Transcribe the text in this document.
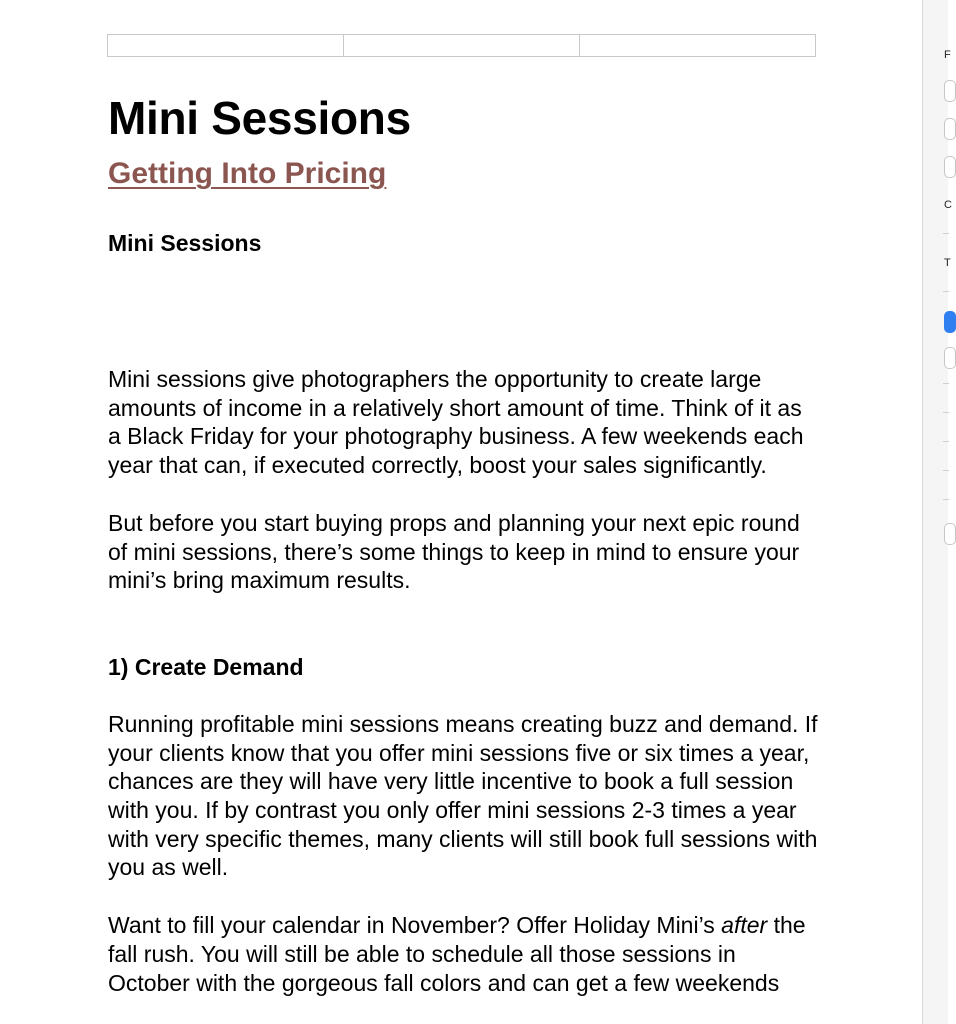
Mini Sessions
Getting Into Pricing

Mini Sessions

Mini sessions give photographers the opportunity to create large amounts of income in a relatively short amount of time. Think of it as a Black Friday for your photography business. A few weekends each year that can, if executed correctly, boost your sales significantly.

But before you start buying props and planning your next epic round of mini sessions, there’s some things to keep in mind to ensure your mini’s bring maximum results.

1) Create Demand

Running profitable mini sessions means creating buzz and demand. If your clients know that you offer mini sessions five or six times a year, chances are they will have very little incentive to book a full session with you. If by contrast you only offer mini sessions 2-3 times a year with very specific themes, many clients will still book full sessions with you as well.

Want to fill your calendar in November? Offer Holiday Mini’s after the fall rush. You will still be able to schedule all those sessions in October with the gorgeous fall colors and can get a few weekends

F
C
T
